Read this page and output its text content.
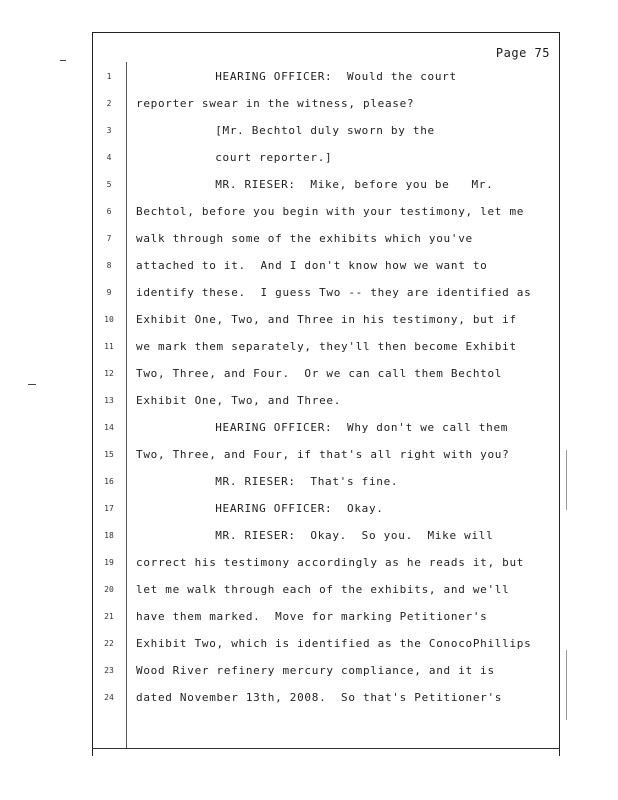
Page 75
1	HEARING OFFICER:  Would the court
2	reporter swear in the witness, please?
3	[Mr. Bechtol duly sworn by the
4	court reporter.]
5	MR. RIESER:  Mike, before you be   Mr.
6	Bechtol, before you begin with your testimony, let me
7	walk through some of the exhibits which you've
8	attached to it.  And I don't know how we want to
9	identify these.  I guess Two -- they are identified as
10 Exhibit One, Two, and Three in his testimony, but if
11 we mark them separately, they'll then become Exhibit
12 Two, Three, and Four.  Or we can call them Bechtol
13 Exhibit One, Two, and Three.
14	HEARING OFFICER:  Why don't we call them
15 Two, Three, and Four, if that's all right with you?
16	MR. RIESER:  That's fine.
17	HEARING OFFICER:  Okay.
18	MR. RIESER:  Okay.  So you.  Mike will
19 correct his testimony accordingly as he reads it, but
20 let me walk through each of the exhibits, and we'll
21 have them marked.  Move for marking Petitioner's
22 Exhibit Two, which is identified as the ConocoPhillips
23 Wood River refinery mercury compliance, and it is
24 dated November 13th, 2008.  So that's Petitioner's
